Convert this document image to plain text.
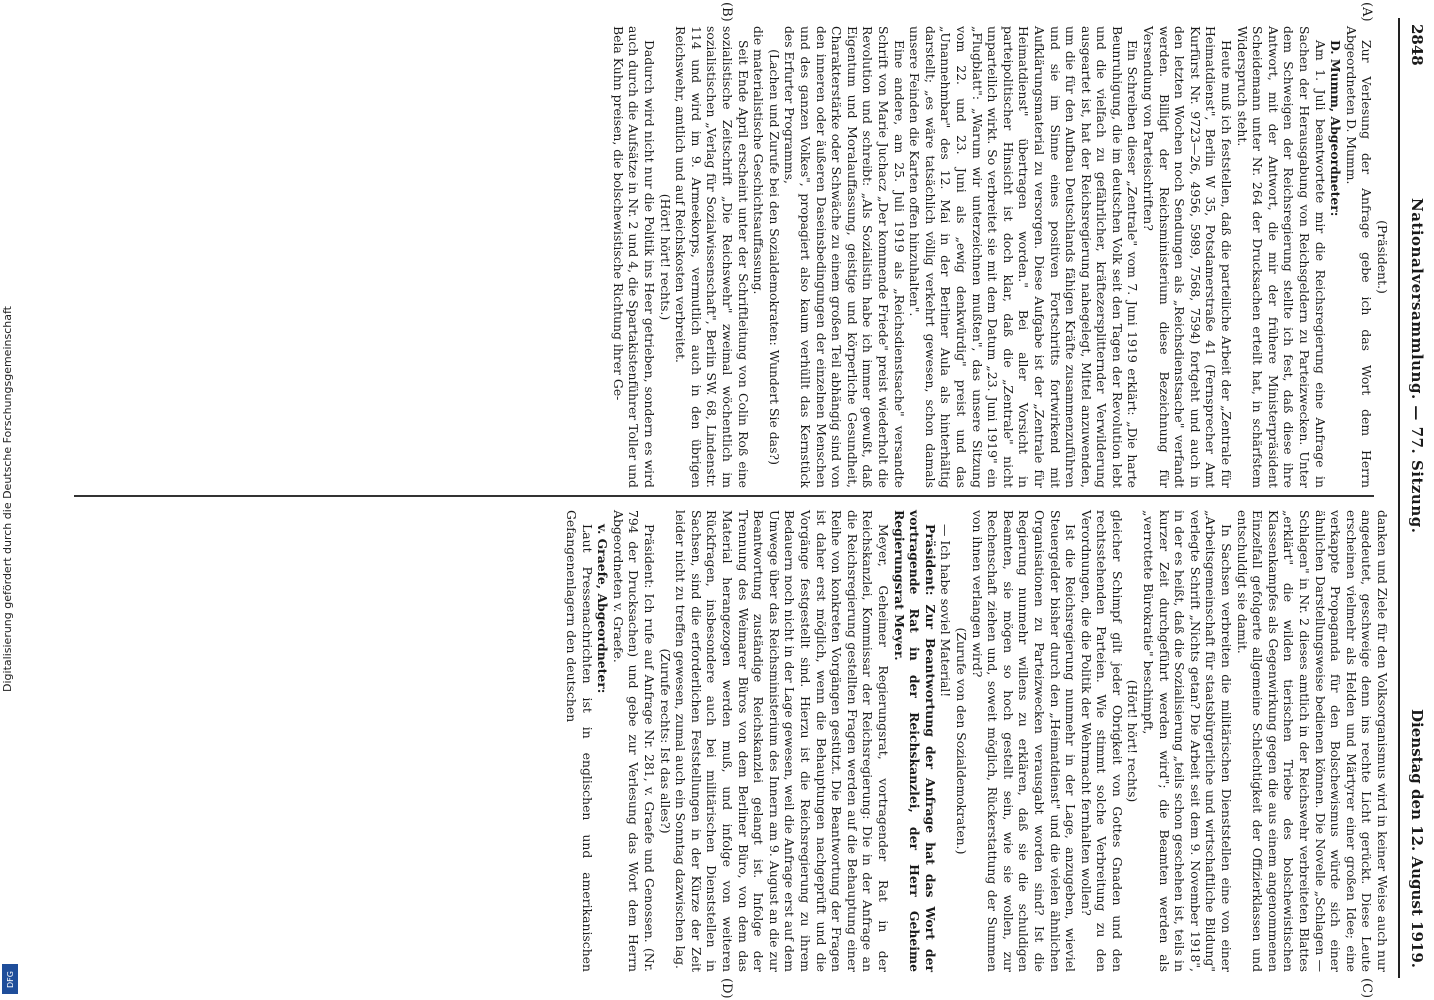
Digitalisierung gefördert durch die Deutsche Forschungsgemeinschaft
DFG
2848
Nationalversammlung. — 77. Sitzung.
Dienstag den 12. August 1919.
(A)
(B)
(C)
(D)

(Präsident.)

Zur Verlesung der Anfrage gebe ich das Wort dem Herrn Abgeordneten D. Mumm.

D. Mumm, Abgeordneter:

Am 1. Juli beantwortete mir die Reichsregierung eine Anfrage in Sachen der Herausgabung von Reichsgeldern zu Parteizwecken. Unter dem Schweigen der Reichsregierung stellte ich fest, daß diese ihre Antwort, mit der Antwort, die mir der frühere Ministerpräsident Scheidemann unter Nr. 264 der Drucksachen erteilt hat, in schärfstem Widerspruch steht.

Heute muß ich feststellen, daß die parteiliche Arbeit der „Zentrale für Heimatdienst", Berlin W 35, Potsdamerstraße 41 (Fernsprecher Amt Kurfürst Nr. 9723—26, 4956, 5989, 7568, 7594) fortgeht und auch in den letzten Wochen noch Sendungen als „Reichsdienstsache" verfandt werden. Billigt der Reichsministerium diese Bezeichnung für Versendung von Parteischriften?

Ein Schreiben dieser „Zentrale" vom 7. Juni 1919 erklärt: „Die harte Beunruhigung, die im deutschen Volk seit den Tagen der Revolution lebt und die vielfach zu gefährlicher, kräftezersplitternder Verwilderung ausgeartet ist, hat der Reichsregierung nahegelegt, Mittel anzuwenden, um die für den Aufbau Deutschlands fähigen Kräfte zusammenzuführen und sie im Sinne eines positiven Fortschritts fortwirkend mit Aufklärungsmaterial zu versorgen. Diese Aufgabe ist der „Zentrale für Heimatdienst" übertragen worden." Bei aller Vorsicht in parteipolitischer Hinsicht ist doch klar, daß die „Zentrale" nicht unparteilich wirkt. So verbreitet sie mit dem Datum „23. Juni 1919" ein „Flugblatt": „Warum wir unterzeichnen mußten", das unsere Sitzung vom 22. und 23. Juni als „ewig denkwürdig" preist und das „Unannehmbar" des 12. Mai in der Berliner Aula als hinterhältig darstellt; „es wäre tatsächlich völlig verkehrt gewesen, schon damals unsere Feinden die Karten offen hinzuhalten".

Eine andere, am 25. Juli 1919 als „Reichsdienstsache" versandte Schrift von Marie Juchacz „Der kommende Friede" preist wiederholt die Revolution und schreibt: „Als Sozialistin habe ich immer gewußt, daß Eigentum und Moralauffassung, geistige und körperliche Gesundheit, Charakterstärke oder Schwäche zu einem großen Teil abhängig sind von den inneren oder äußeren Daseinsbedingungen der einzelnen Menschen und des ganzen Volkes", propagiert also kaum verhüllt das Kernstück des Erfurter Programms,

(Lachen und Zurufe bei den Sozialdemokraten: Wundert Sie das?)

die materialistische Geschichtsauffassung.

Seit Ende April erscheint unter der Schriftleitung von Colin Roß eine sozialistische Zeitschrift „Die Reichswehr" zweimal wöchentlich im sozialistischen „Verlag für Sozialwissenschaft", Berlin SW. 68, Lindenstr. 114 und wird im 9. Armeekorps, vermutlich auch in den übrigen Reichswehr, amtlich und auf Reichskosten verbreitet.

(Hört! hört! rechts.)

Dadurch wird nicht nur die Politik ins Heer getrieben, sondern es wird auch durch die Aufsätze in Nr. 2 und 4, die Spartakistenführer Toller und Bela Kuhn preisen, die bolschewistische Richtung ihrer Ge-

danken und Ziele für den Volksorganismus wird in keiner Weise auch nur angedeutet, geschweige denn ins rechte Licht gerückt. Diese Leute erscheinen vielmehr als Helden und Märtyrer einer großen Idee; eine verkappte Propaganda für den Bolschewismus würde sich einer ähnlichen Darstellungsweise bedienen können. Die Novelle „Schlagen — Schlagen" in Nr. 2 dieses amtlich in der Reichswehr verbreiteten Blattes „erklärt" die wilden tierischen Triebe des bolschewistischen Klassenkampfes als Gegenwirkung gegen die aus einem angenommenen Einzelfall gefolgerte allgemeine Schlechtigkeit der Offizierklassen und entschuldigt sie damit.

In Sachsen verbreiten die militärischen Dienststellen eine von einer „Arbeitsgemeinschaft für staatsbürgerliche und wirtschaftliche Bildung" verlegte Schrift „Nichts getan? Die Arbeit seit dem 9. November 1918", in der es heißt, daß die Sozialisierung „teils schon geschehen ist, teils in kurzer Zeit durchgeführt werden wird"; die Beamten werden als „verrottete Bürokratie" beschimpft,

(Hört! hört! rechts)

gleicher Schimpf gilt jeder Obrigkeit von Gottes Gnaden und den rechtsstehenden Parteien. Wie stimmt solche Verbreitung zu den Verordnungen, die die Politik der Wehrmacht fernhalten wollen?

Ist die Reichsregierung nunmehr in der Lage, anzugeben, wieviel Steuergelder bisher durch den „Heimatdienst" und die vielen ähnlichen Organisationen zu Parteizwecken verausgabt worden sind? Ist die Regierung nunmehr willens zu erklären, daß sie die schuldigen Beamten, sie mögen so hoch gestellt sein, wie sie wollen, zur Rechenschaft ziehen und, soweit möglich, Rückerstattung der Summen von ihnen verlangen wird?

(Zurufe von den Sozialdemokraten.)

— Ich habe soviel Material!

Präsident: Zur Beantwortung der Anfrage hat das Wort der vortragende Rat in der Reichskanzlei, der Herr Geheime Regierungsrat Meyer.

Meyer, Geheimer Regierungsrat, vortragender Rat in der Reichskanzlei, Kommissar der Reichsregierung: Die in der Anfrage an die Reichsregierung gestellten Fragen werden auf die Behauptung einer Reihe von konkreten Vorgängen gestützt. Die Beantwortung der Fragen ist daher erst möglich, wenn die Behauptungen nachgeprüft und die Vorgänge festgestellt sind. Hierzu ist die Reichsregierung zu ihrem Bedauern noch nicht in der Lage gewesen, weil die Anfrage erst auf dem Umwege über das Reichsministerium des Innern am 9. August an die zur Beantwortung zuständige Reichskanzlei gelangt ist. Infolge der Trennung des Weimarer Büros von dem Berliner Büro, von dem das Material herangezogen werden muß, und infolge von weiteren Rückfragen, insbesondere auch bei militärischen Dienststellen in Sachsen, sind die erforderlichen Feststellungen in der Kürze der Zeit leider nicht zu treffen gewesen, zumal auch ein Sonntag dazwischen lag.

(Zurufe rechts: Ist das alles?)

Präsident: Ich rufe auf Anfrage Nr. 281, v. Graefe und Genossen. (Nr. 794 der Drucksachen) und gebe zur Verlesung das Wort dem Herrn Abgeordneten v. Graefe.

v. Graefe, Abgeordneter:

Laut Pressenachrichten ist in englischen und amerikanischen Gefangenenlagern den deutschen
